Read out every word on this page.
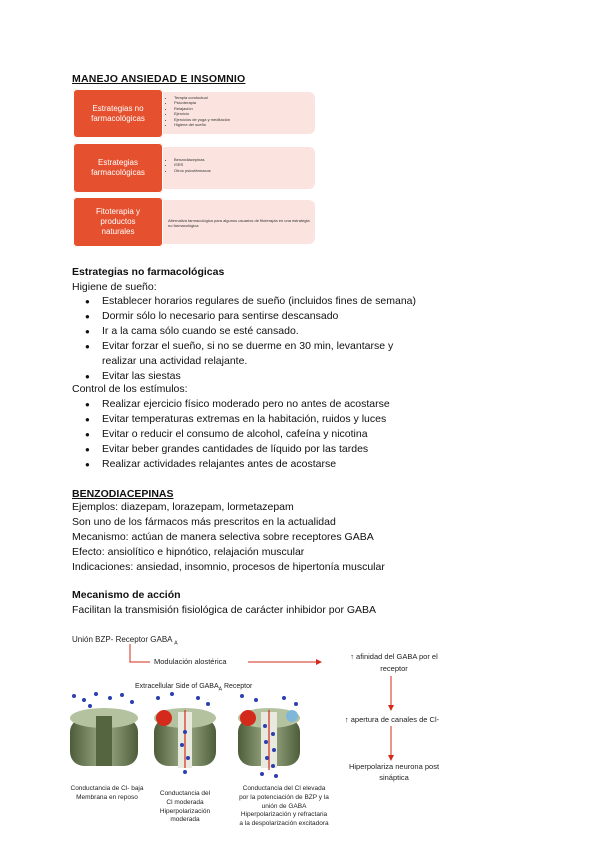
MANEJO ANSIEDAD E INSOMNIO
• Terapia conductual
• Psicoterapia
• Relajación
• Ejercicio
• Ejercicios de yoga y meditación
• Higiene del sueño
Estrategias no farmacológicas
• Benzodiacepinas
• ISRS
• Otros psicofármacos
Estrategias farmacológicas

Alternativa farmacológica para algunos usuarios de fitoterapia en una estrategia no farmacológica

Fitoterapia y productos naturales
Estrategias no farmacológicas
Higiene de sueño:
● Establecer horarios regulares de sueño (incluidos fines de semana)
● Dormir sólo lo necesario para sentirse descansado
● Ir a la cama sólo cuando se esté cansado.
● Evitar forzar el sueño, si no se duerme en 30 min, levantarse y
realizar una actividad relajante.
● Evitar las siestas
Control de los estímulos:
● Realizar ejercicio físico moderado pero no antes de acostarse
● Evitar temperaturas extremas en la habitación, ruidos y luces
● Evitar o reducir el consumo de alcohol, cafeína y nicotina
● Evitar beber grandes cantidades de líquido por las tardes
● Realizar actividades relajantes antes de acostarse
BENZODIACEPINAS
Ejemplos: diazepam, lorazepam, lormetazepam
Son uno de los fármacos más prescritos en la actualidad
Mecanismo: actúan de manera selectiva sobre receptores GABA
Efecto: ansiolítico e hipnótico, relajación muscular
Indicaciones: ansiedad, insomnio, procesos de hipertonía muscular
Mecanismo de acción
Facilitan la transmisión fisiológica de carácter inhibidor por GABA
Unión BZP- Receptor GABA $_A$
Modulación alostérica
↑ afinidad del GABA por el
receptor
↑ apertura de canales de Cl-
Hiperpolariza neurona post
sináptica
Extracellular Side of $GABA_A$ Receptor
Conductancia de Cl- baja
Membrana en reposo
Conductancia del
Cl moderada
Hiperpolarización
moderada
Conductancia del Cl elevada
por la potenciación de BZP y la
unión de GABA
Hiperpolarización y refractaria
a la despolarización excitadora
